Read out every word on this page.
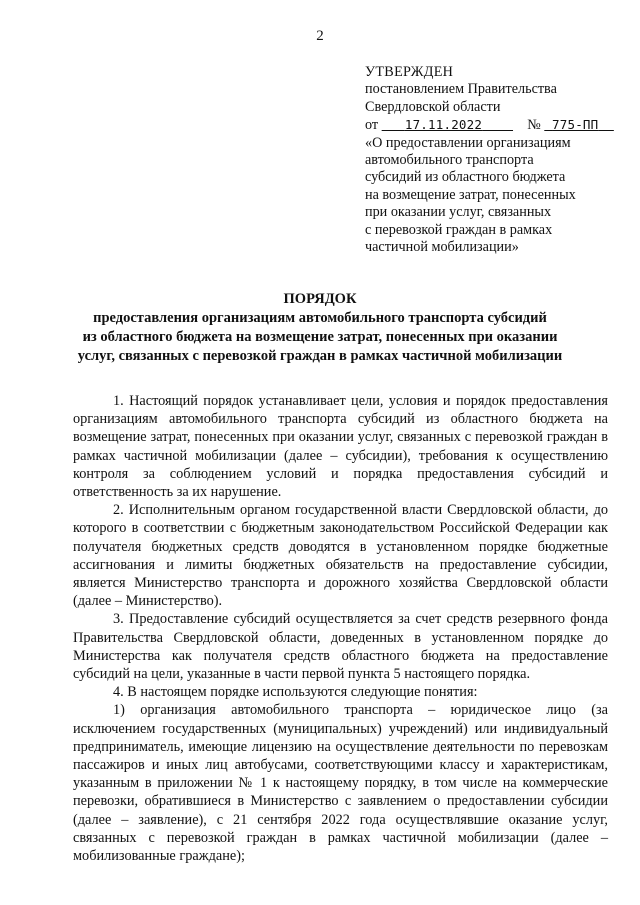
2
УТВЕРЖДЕН
постановлением Правительства
Свердловской области
от 17.11.2022	№ 775-ПП
«О предоставлении организациям
автомобильного транспорта
субсидий из областного бюджета
на возмещение затрат, понесенных
при оказании услуг, связанных
с перевозкой граждан в рамках
частичной мобилизации»
ПОРЯДОК
предоставления организациям автомобильного транспорта субсидий
из областного бюджета на возмещение затрат, понесенных при оказании
услуг, связанных с перевозкой граждан в рамках частичной мобилизации

1. Настоящий порядок устанавливает цели, условия и порядок предоставления организациям автомобильного транспорта субсидий из областного бюджета на возмещение затрат, понесенных при оказании услуг, связанных с перевозкой граждан в рамках частичной мобилизации (далее – субсидии), требования к осуществлению контроля за соблюдением условий и порядка предоставления субсидий и ответственность за их нарушение.

2. Исполнительным органом государственной власти Свердловской области, до которого в соответствии с бюджетным законодательством Российской Федерации как получателя бюджетных средств доводятся в установленном порядке бюджетные ассигнования и лимиты бюджетных обязательств на предоставление субсидии, является Министерство транспорта и дорожного хозяйства Свердловской области (далее – Министерство).

3. Предоставление субсидий осуществляется за счет средств резервного фонда Правительства Свердловской области, доведенных в установленном порядке до Министерства как получателя средств областного бюджета на предоставление субсидий на цели, указанные в части первой пункта 5 настоящего порядка.

4. В настоящем порядке используются следующие понятия:

1) организация автомобильного транспорта – юридическое лицо (за исключением государственных (муниципальных) учреждений) или индивидуальный предприниматель, имеющие лицензию на осуществление деятельности по перевозкам пассажиров и иных лиц автобусами, соответствующими классу и характеристикам, указанным в приложении № 1 к настоящему порядку, в том числе на коммерческие перевозки, обратившиеся в Министерство с заявлением о предоставлении субсидии (далее – заявление), с 21 сентября 2022 года осуществлявшие оказание услуг, связанных с перевозкой граждан в рамках частичной мобилизации (далее – мобилизованные граждане);
